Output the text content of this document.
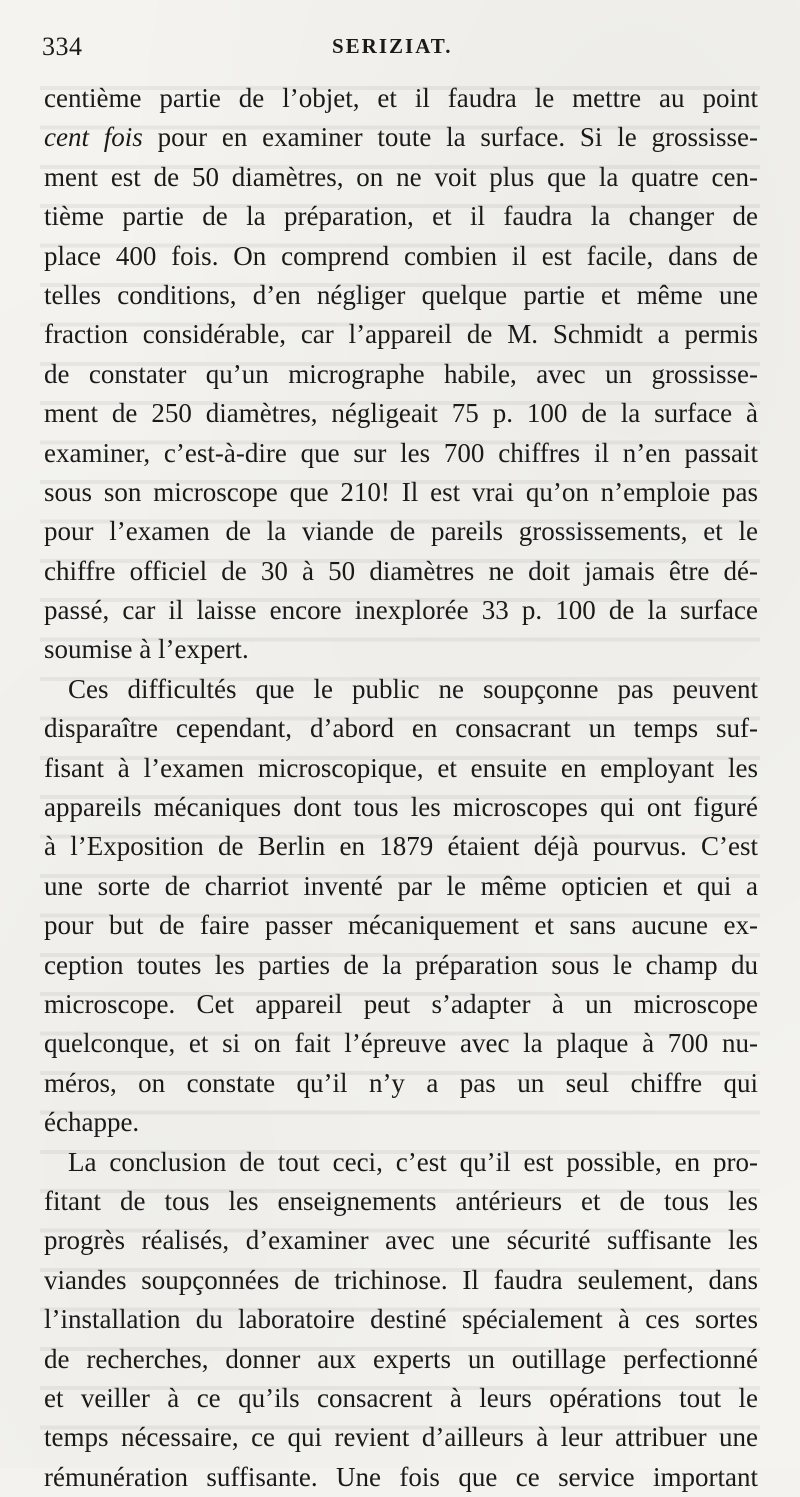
334	SERIZIAT.
centième partie de l’objet, et il faudra le mettre au point
cent fois pour en examiner toute la surface. Si le grossisse-
ment est de 50 diamètres, on ne voit plus que la quatre cen-
tième partie de la préparation, et il faudra la changer de
place 400 fois. On comprend combien il est facile, dans de
telles conditions, d’en négliger quelque partie et même une
fraction considérable, car l’appareil de M. Schmidt a permis
de constater qu’un micrographe habile, avec un grossisse-
ment de 250 diamètres, négligeait 75 p. 100 de la surface à
examiner, c’est-à-dire que sur les 700 chiffres il n’en passait
sous son microscope que 210! Il est vrai qu’on n’emploie pas
pour l’examen de la viande de pareils grossissements, et le
chiffre officiel de 30 à 50 diamètres ne doit jamais être dé-
passé, car il laisse encore inexplorée 33 p. 100 de la surface
soumise à l’expert.
Ces difficultés que le public ne soupçonne pas peuvent
disparaître cependant, d’abord en consacrant un temps suf-
fisant à l’examen microscopique, et ensuite en employant les
appareils mécaniques dont tous les microscopes qui ont figuré
à l’Exposition de Berlin en 1879 étaient déjà pourvus. C’est
une sorte de charriot inventé par le même opticien et qui a
pour but de faire passer mécaniquement et sans aucune ex-
ception toutes les parties de la préparation sous le champ du
microscope. Cet appareil peut s’adapter à un microscope
quelconque, et si on fait l’épreuve avec la plaque à 700 nu-
méros, on constate qu’il n’y a pas un seul chiffre qui
échappe.
La conclusion de tout ceci, c’est qu’il est possible, en pro-
fitant de tous les enseignements antérieurs et de tous les
progrès réalisés, d’examiner avec une sécurité suffisante les
viandes soupçonnées de trichinose. Il faudra seulement, dans
l’installation du laboratoire destiné spécialement à ces sortes
de recherches, donner aux experts un outillage perfectionné
et veiller à ce qu’ils consacrent à leurs opérations tout le
temps nécessaire, ce qui revient d’ailleurs à leur attribuer une
rémunération suffisante. Une fois que ce service important
